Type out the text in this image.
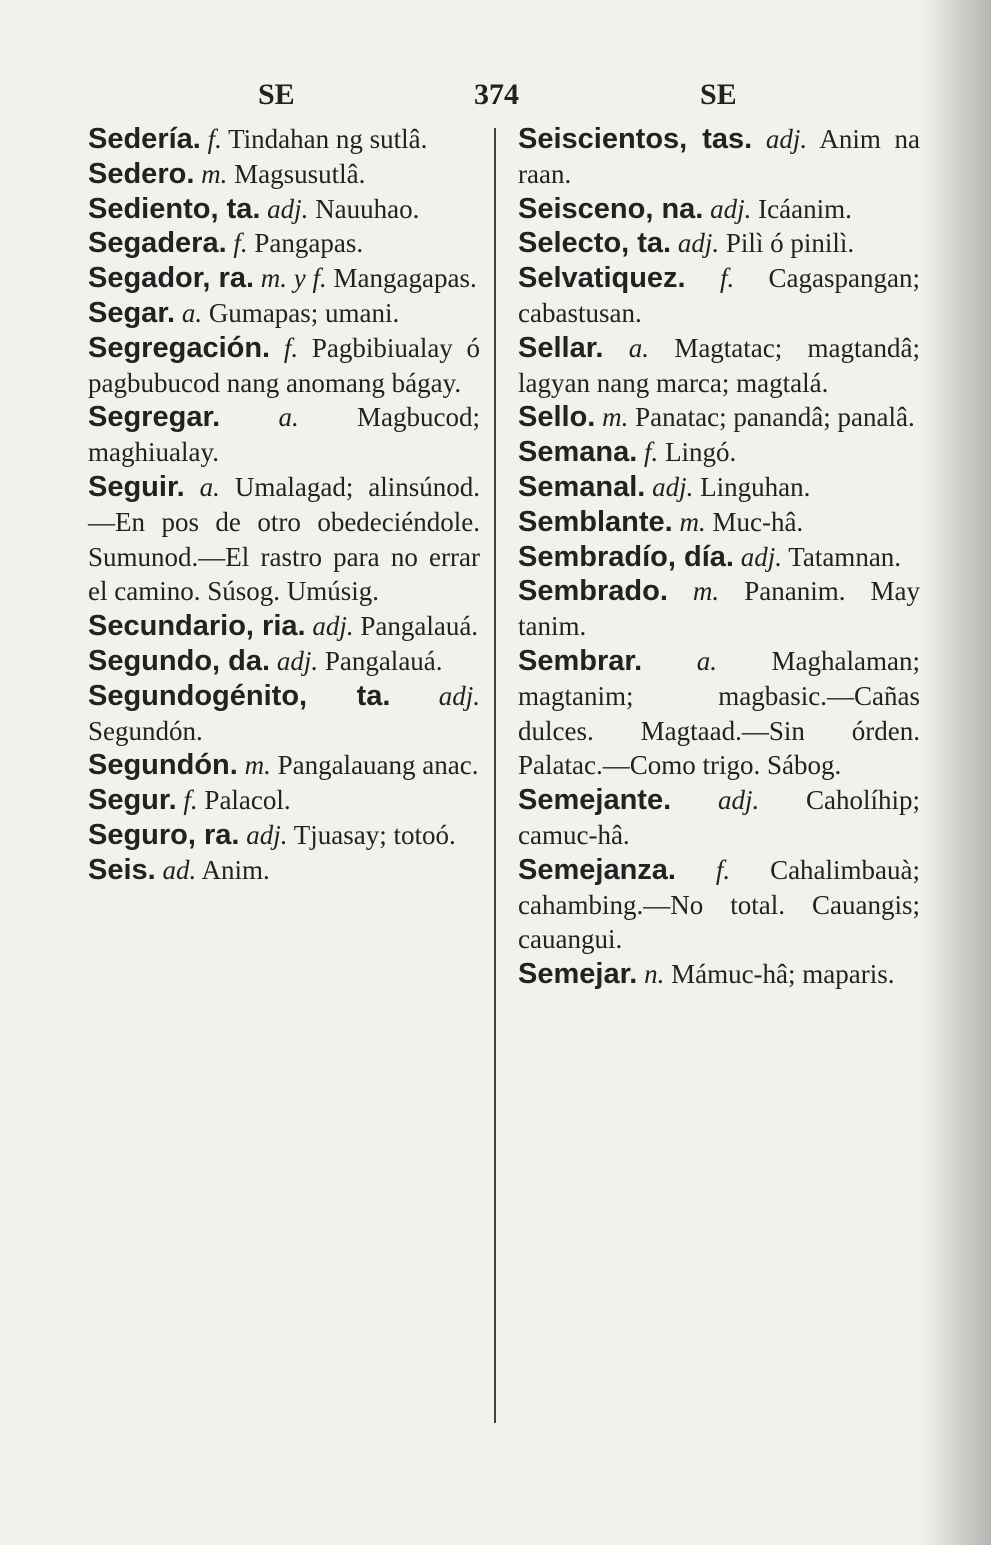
SE	374	SE

Sedería. f. Tindahan ng sutlâ.

Sedero. m. Magsusutlâ.

Sediento, ta. adj. Nauuhao.

Segadera. f. Pangapas.

Segador, ra. m. y f. Mangagapas.

Segar. a. Gumapas; umani.

Segregación. f. Pagbibiualay ó pagbubucod nang anomang bágay.

Segregar. a. Magbucod; maghiualay.

Seguir. a. Umalagad; alinsúnod.—En pos de otro obedeciéndole. Sumunod.—El rastro para no errar el camino. Súsog. Umúsig.

Secundario, ria. adj. Pangalauá.

Segundo, da. adj. Pangalauá.

Segundogénito, ta. adj. Segundón.

Segundón. m. Pangalauang anac.

Segur. f. Palacol.

Seguro, ra. adj. Tjuasay; totoó.

Seis. ad. Anim.

Seiscientos, tas. adj. Anim na raan.

Seisceno, na. adj. Icáanim.

Selecto, ta. adj. Pilì ó pinilì.

Selvatiquez. f. Cagaspangan; cabastusan.

Sellar. a. Magtatac; magtandâ; lagyan nang marca; magtalá.

Sello. m. Panatac; panandâ; panalâ.

Semana. f. Lingó.

Semanal. adj. Linguhan.

Semblante. m. Muc-hâ.

Sembradío, día. adj. Tatamnan.

Sembrado. m. Pananim. May tanim.

Sembrar. a. Maghalaman; magtanim; magbasic.—Cañas dulces. Magtaad.—Sin órden. Palatac.—Como trigo. Sábog.

Semejante. adj. Caholíhip; camuc-hâ.

Semejanza. f. Cahalimbauà; cahambing.—No total. Cauangis; cauangui.

Semejar. n. Mámuc-hâ; maparis.
